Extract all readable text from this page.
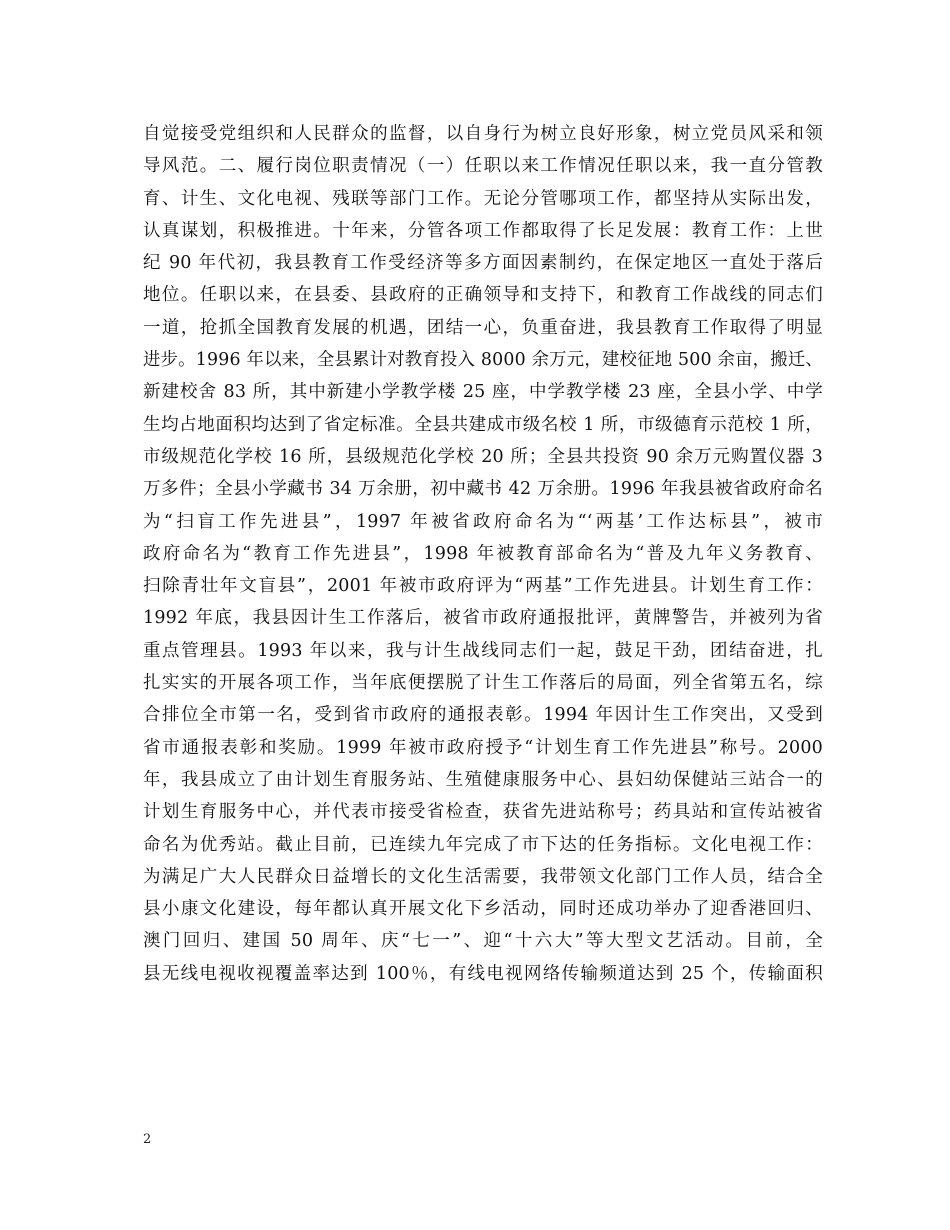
自觉接受党组织和人民群众的监督，以自身行为树立良好形象，树立党员风采和领
导风范。二、履行岗位职责情况（一）任职以来工作情况任职以来，我一直分管教
育、计生、文化电视、残联等部门工作。无论分管哪项工作，都坚持从实际出发，
认真谋划，积极推进。十年来，分管各项工作都取得了长足发展：教育工作：上世
纪 90 年代初，我县教育工作受经济等多方面因素制约，在保定地区一直处于落后
地位。任职以来，在县委、县政府的正确领导和支持下，和教育工作战线的同志们
一道，抢抓全国教育发展的机遇，团结一心，负重奋进，我县教育工作取得了明显
进步。1996 年以来，全县累计对教育投入 8000 余万元，建校征地 500 余亩，搬迁、
新建校舍 83 所，其中新建小学教学楼 25 座，中学教学楼 23 座，全县小学、中学
生均占地面积均达到了省定标准。全县共建成市级名校 1 所，市级德育示范校 1 所，
市级规范化学校 16 所，县级规范化学校 20 所；全县共投资 90 余万元购置仪器 3
万多件；全县小学藏书 34 万余册，初中藏书 42 万余册。1996 年我县被省政府命名
为“扫盲工作先进县”，1997 年被省政府命名为“‘两基’工作达标县”，被市
政府命名为“教育工作先进县”，1998 年被教育部命名为“普及九年义务教育、
扫除青壮年文盲县”，2001 年被市政府评为“两基”工作先进县。计划生育工作：
1992 年底，我县因计生工作落后，被省市政府通报批评，黄牌警告，并被列为省
重点管理县。1993 年以来，我与计生战线同志们一起，鼓足干劲，团结奋进，扎
扎实实的开展各项工作，当年底便摆脱了计生工作落后的局面，列全省第五名，综
合排位全市第一名，受到省市政府的通报表彰。1994 年因计生工作突出，又受到
省市通报表彰和奖励。1999 年被市政府授予“计划生育工作先进县”称号。2000
年，我县成立了由计划生育服务站、生殖健康服务中心、县妇幼保健站三站合一的
计划生育服务中心，并代表市接受省检查，获省先进站称号；药具站和宣传站被省
命名为优秀站。截止目前，已连续九年完成了市下达的任务指标。文化电视工作：
为满足广大人民群众日益增长的文化生活需要，我带领文化部门工作人员，结合全
县小康文化建设，每年都认真开展文化下乡活动，同时还成功举办了迎香港回归、
澳门回归、建国 50 周年、庆“七一”、迎“十六大”等大型文艺活动。目前，全
县无线电视收视覆盖率达到 100％，有线电视网络传输频道达到 25 个，传输面积
2
